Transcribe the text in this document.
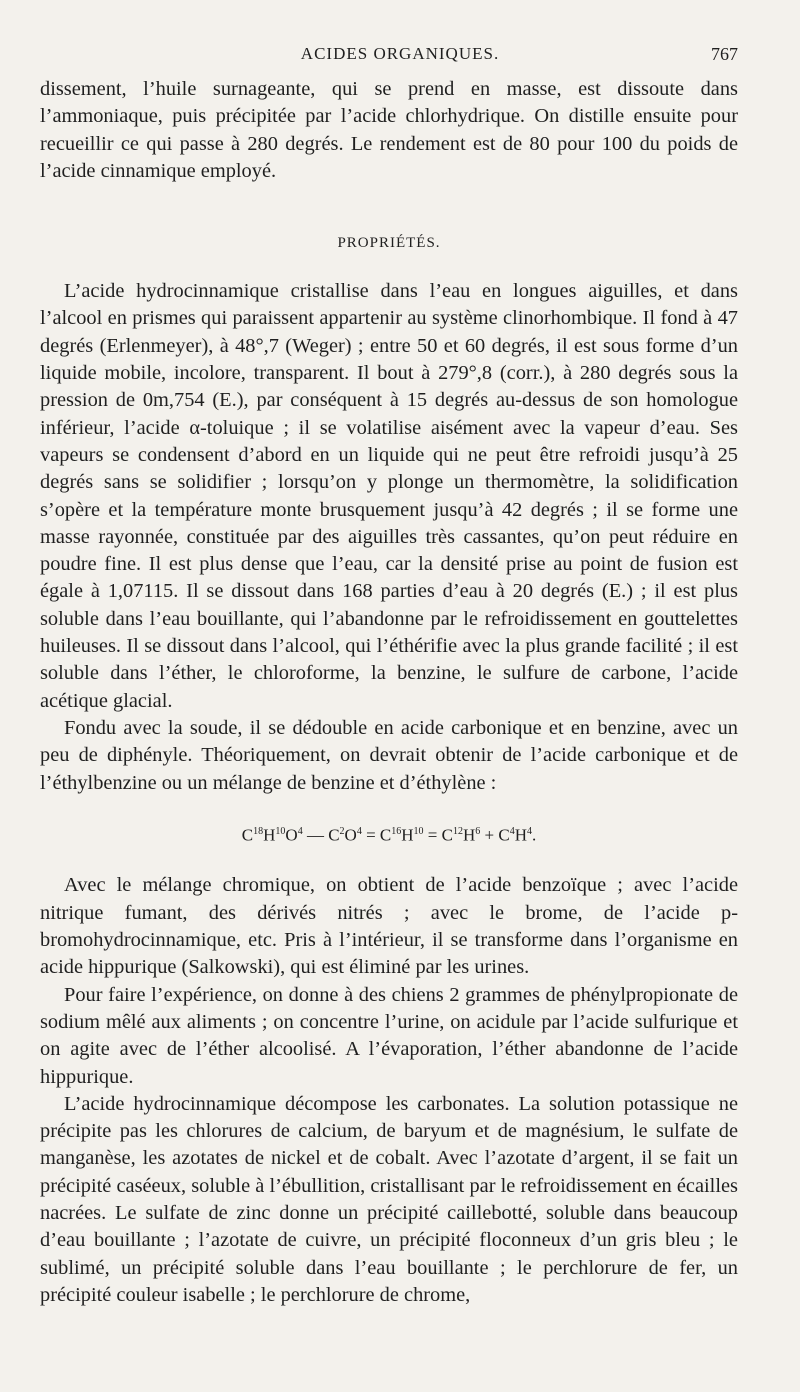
ACIDES ORGANIQUES.	767

dissement, l’huile surnageante, qui se prend en masse, est dissoute dans l’ammoniaque, puis précipitée par l’acide chlorhydrique. On distille ensuite pour recueillir ce qui passe à 280 degrés. Le rendement est de 80 pour 100 du poids de l’acide cinnamique employé.

PROPRIÉTÉS.

L’acide hydrocinnamique cristallise dans l’eau en longues aiguilles, et dans l’alcool en prismes qui paraissent appartenir au système clinorhombique. Il fond à 47 degrés (Erlenmeyer), à 48°,7 (Weger) ; entre 50 et 60 degrés, il est sous forme d’un liquide mobile, incolore, transparent. Il bout à 279°,8 (corr.), à 280 degrés sous la pression de 0m,754 (E.), par conséquent à 15 degrés au-dessus de son homologue inférieur, l’acide α-toluique ; il se volatilise aisément avec la vapeur d’eau. Ses vapeurs se condensent d’abord en un liquide qui ne peut être refroidi jusqu’à 25 degrés sans se solidifier ; lorsqu’on y plonge un thermomètre, la solidification s’opère et la température monte brusquement jusqu’à 42 degrés ; il se forme une masse rayonnée, constituée par des aiguilles très cassantes, qu’on peut réduire en poudre fine. Il est plus dense que l’eau, car la densité prise au point de fusion est égale à 1,07115. Il se dissout dans 168 parties d’eau à 20 degrés (E.) ; il est plus soluble dans l’eau bouillante, qui l’abandonne par le refroidissement en gouttelettes huileuses. Il se dissout dans l’alcool, qui l’éthérifie avec la plus grande facilité ; il est soluble dans l’éther, le chloroforme, la benzine, le sulfure de carbone, l’acide acétique glacial.

Fondu avec la soude, il se dédouble en acide carbonique et en benzine, avec un peu de diphényle. Théoriquement, on devrait obtenir de l’acide carbonique et de l’éthylbenzine ou un mélange de benzine et d’éthylène :

$C^{18}H^{10}O^4$ — $C^2O^4 = C^{16}H^{10} = C^{12}H^6 + C^4H^4$.

Avec le mélange chromique, on obtient de l’acide benzoïque ; avec l’acide nitrique fumant, des dérivés nitrés ; avec le brome, de l’acide p-bromohydrocinnamique, etc. Pris à l’intérieur, il se transforme dans l’organisme en acide hippurique (Salkowski), qui est éliminé par les urines.

Pour faire l’expérience, on donne à des chiens 2 grammes de phénylpropionate de sodium mêlé aux aliments ; on concentre l’urine, on acidule par l’acide sulfurique et on agite avec de l’éther alcoolisé. A l’évaporation, l’éther abandonne de l’acide hippurique.

L’acide hydrocinnamique décompose les carbonates. La solution potassique ne précipite pas les chlorures de calcium, de baryum et de magnésium, le sulfate de manganèse, les azotates de nickel et de cobalt. Avec l’azotate d’argent, il se fait un précipité caséeux, soluble à l’ébullition, cristallisant par le refroidissement en écailles nacrées. Le sulfate de zinc donne un précipité caillebotté, soluble dans beaucoup d’eau bouillante ; l’azotate de cuivre, un précipité floconneux d’un gris bleu ; le sublimé, un précipité soluble dans l’eau bouillante ; le perchlorure de fer, un précipité couleur isabelle ; le perchlorure de chrome,
